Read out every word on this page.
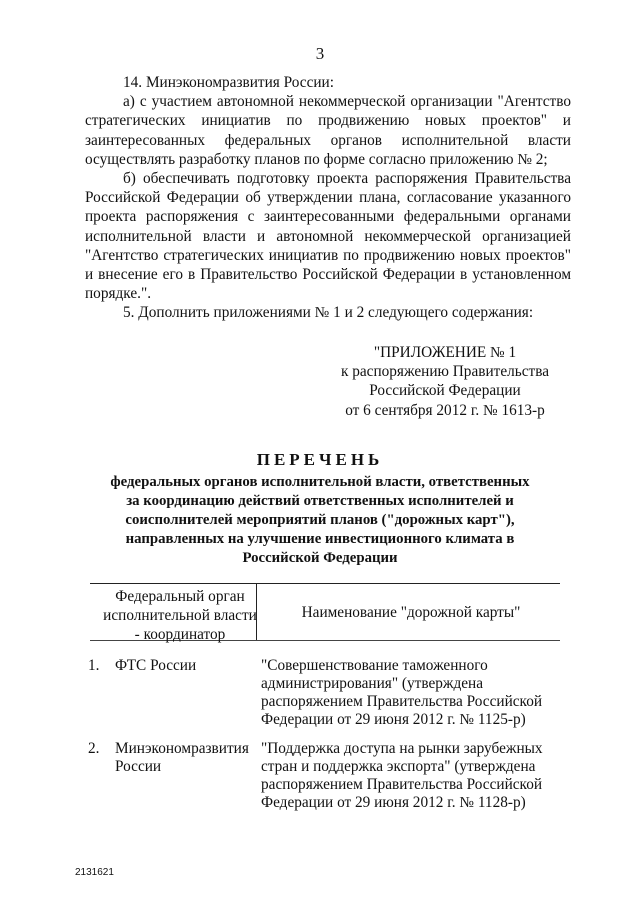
3

14. Минэкономразвития России:

а) с участием автономной некоммерческой организации "Агентство стратегических инициатив по продвижению новых проектов" и заинтересованных федеральных органов исполнительной власти осуществлять разработку планов по форме согласно приложению № 2;

б) обеспечивать подготовку проекта распоряжения Правительства Российской Федерации об утверждении плана, согласование указанного проекта распоряжения с заинтересованными федеральными органами исполнительной власти и автономной некоммерческой организацией "Агентство стратегических инициатив по продвижению новых проектов" и внесение его в Правительство Российской Федерации в установленном порядке.".

5. Дополнить приложениями № 1 и 2 следующего содержания:

"ПРИЛОЖЕНИЕ № 1
к распоряжению Правительства
Российской Федерации
от 6 сентября 2012 г. № 1613-р
ПЕРЕЧЕНЬ
федеральных органов исполнительной власти, ответственных за координацию действий ответственных исполнителей и соисполнителей мероприятий планов ("дорожных карт"), направленных на улучшение инвестиционного климата в Российской Федерации
Федеральный орган исполнительной власти - координатор
Наименование "дорожной карты"
1. ФТС России	"Совершенствование таможенного администрирования" (утверждена распоряжением Правительства Российской Федерации от 29 июня 2012 г. № 1125-р)
2. Минэкономразвития России
"Поддержка доступа на рынки зарубежных стран и поддержка экспорта" (утверждена распоряжением Правительства Российской Федерации от 29 июня 2012 г. № 1128-р)
2131621
